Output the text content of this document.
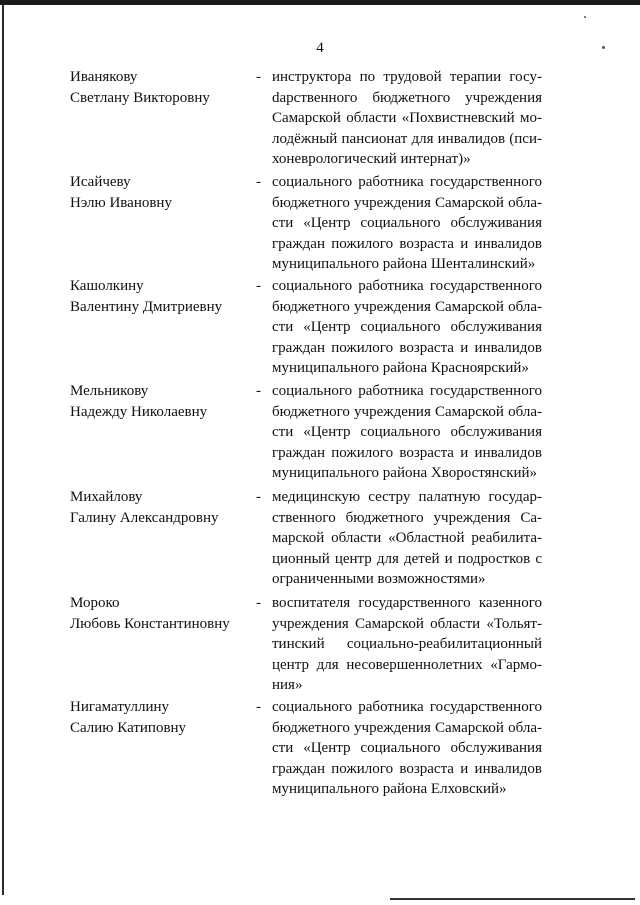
4
Иванякову
Светлану Викторовну
- инструктора по трудовой терапии госуdарственного бюджетного учреждения Самарской области «Похвистневский молодёжный пансионат для инвалидов (психоневрологический интернат)»
Исайчеву
Нэлю Ивановну
- социального работника государственного бюджетного учреждения Самарской области «Центр социального обслуживания граждан пожилого возраста и инвалидов муниципального района Шенталинский»
Кашолкину
Валентину Дмитриевну
- социального работника государственного бюджетного учреждения Самарской области «Центр социального обслуживания граждан пожилого возраста и инвалидов муниципального района Красноярский»
Мельникову
Надежду Николаевну
- социального работника государственного бюджетного учреждения Самарской области «Центр социального обслуживания граждан пожилого возраста и инвалидов муниципального района Хворостянский»
Михайлову
Галину Александровну
- медицинскую сестру палатную государственного бюджетного учреждения Самарской области «Областной реабилитационный центр для детей и подростков с ограниченными возможностями»
Мороко
Любовь Константиновну
- воспитателя государственного казенного учреждения Самарской области «Тольяттинский социально-реабилитационный центр для несовершеннолетних «Гармония»
Нигаматуллину
Салию Катиповну
- социального работника государственного бюджетного учреждения Самарской области «Центр социального обслуживания граждан пожилого возраста и инвалидов муниципального района Елховский»
